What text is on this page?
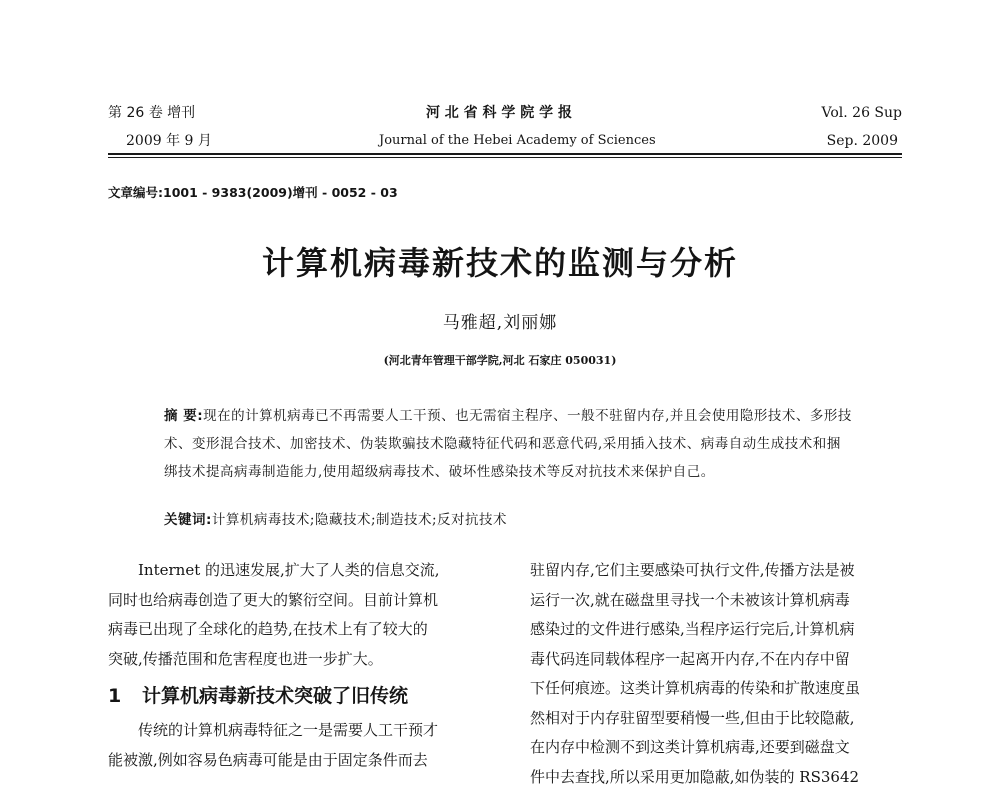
第 26 卷 增刊
2009 年 9 月
河 北 省 科 学 院 学 报
Journal of the Hebei Academy of Sciences
Vol. 26 Sup
Sep. 2009
文章编号:1001 - 9383(2009)增刊 - 0052 - 03
计算机病毒新技术的监测与分析
马雅超,刘丽娜
(河北青年管理干部学院,河北 石家庄 050031)
摘 要:现在的计算机病毒已不再需要人工干预、也无需宿主程序、一般不驻留内存,并且会使用隐形技术、多形技术、变形混合技术、加密技术、伪装欺骗技术隐藏特征代码和恶意代码,采用插入技术、病毒自动生成技术和捆绑技术提高病毒制造能力,使用超级病毒技术、破坏性感染技术等反对抗技术来保护自己。
关键词:计算机病毒技术;隐藏技术;制造技术;反对抗技术
Internet 的迅速发展,扩大了人类的信息交流,
同时也给病毒创造了更大的繁衍空间。目前计算机
病毒已出现了全球化的趋势,在技术上有了较大的
突破,传播范围和危害程度也进一步扩大。
1 计算机病毒新技术突破了旧传统
传统的计算机病毒特征之一是需要人工干预才
能被激,例如容易色病毒可能是由于固定条件而去
驻留内存,它们主要感染可执行文件,传播方法是被
运行一次,就在磁盘里寻找一个未被该计算机病毒
感染过的文件进行感染,当程序运行完后,计算机病
毒代码连同载体程序一起离开内存,不在内存中留
下任何痕迹。这类计算机病毒的传染和扩散速度虽
然相对于内存驻留型要稍慢一些,但由于比较隐蔽,
在内存中检测不到这类计算机病毒,还要到磁盘文
件中去查找,所以采用更加隐蔽,如伪装的 RS3642
